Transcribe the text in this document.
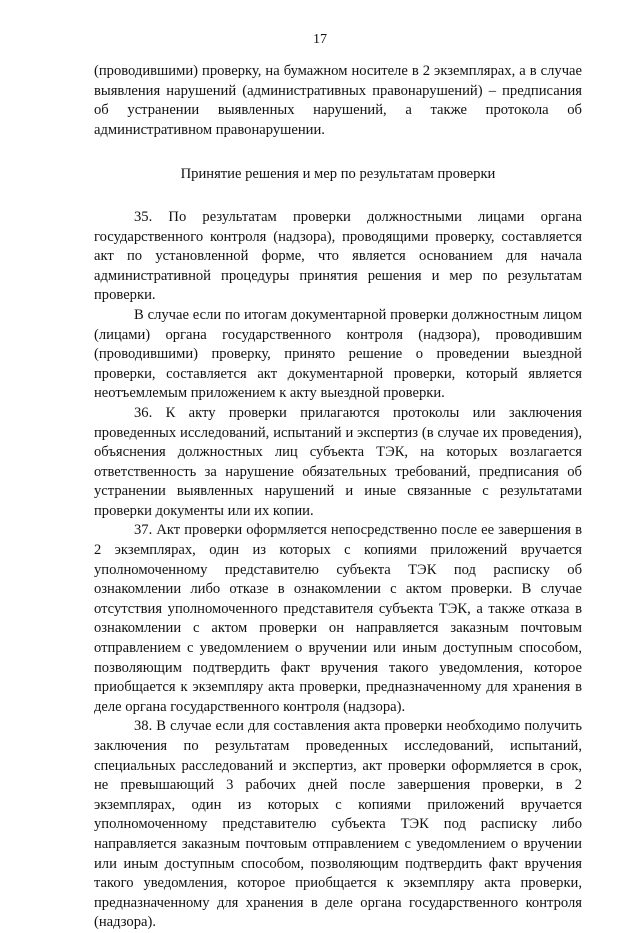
17

(проводившими) проверку, на бумажном носителе в 2 экземплярах, а в случае выявления нарушений (административных правонарушений) – предписания об устранении выявленных нарушений, а также протокола об административном правонарушении.

Принятие решения и мер по результатам проверки

35. По результатам проверки должностными лицами органа государственного контроля (надзора), проводящими проверку, составляется акт по установленной форме, что является основанием для начала административной процедуры принятия решения и мер по результатам проверки.

В случае если по итогам документарной проверки должностным лицом (лицами) органа государственного контроля (надзора), проводившим (проводившими) проверку, принято решение о проведении выездной проверки, составляется акт документарной проверки, который является неотъемлемым приложением к акту выездной проверки.

36. К акту проверки прилагаются протоколы или заключения проведенных исследований, испытаний и экспертиз (в случае их проведения), объяснения должностных лиц субъекта ТЭК, на которых возлагается ответственность за нарушение обязательных требований, предписания об устранении выявленных нарушений и иные связанные с результатами проверки документы или их копии.

37. Акт проверки оформляется непосредственно после ее завершения в 2 экземплярах, один из которых с копиями приложений вручается уполномоченному представителю субъекта ТЭК под расписку об ознакомлении либо отказе в ознакомлении с актом проверки. В случае отсутствия уполномоченного представителя субъекта ТЭК, а также отказа в ознакомлении с актом проверки он направляется заказным почтовым отправлением с уведомлением о вручении или иным доступным способом, позволяющим подтвердить факт вручения такого уведомления, которое приобщается к экземпляру акта проверки, предназначенному для хранения в деле органа государственного контроля (надзора).

38. В случае если для составления акта проверки необходимо получить заключения по результатам проведенных исследований, испытаний, специальных расследований и экспертиз, акт проверки оформляется в срок, не превышающий 3 рабочих дней после завершения проверки, в 2 экземплярах, один из которых с копиями приложений вручается уполномоченному представителю субъекта ТЭК под расписку либо направляется заказным почтовым отправлением с уведомлением о вручении или иным доступным способом, позволяющим подтвердить факт вручения такого уведомления, которое приобщается к экземпляру акта проверки, предназначенному для хранения в деле органа государственного контроля (надзора).
